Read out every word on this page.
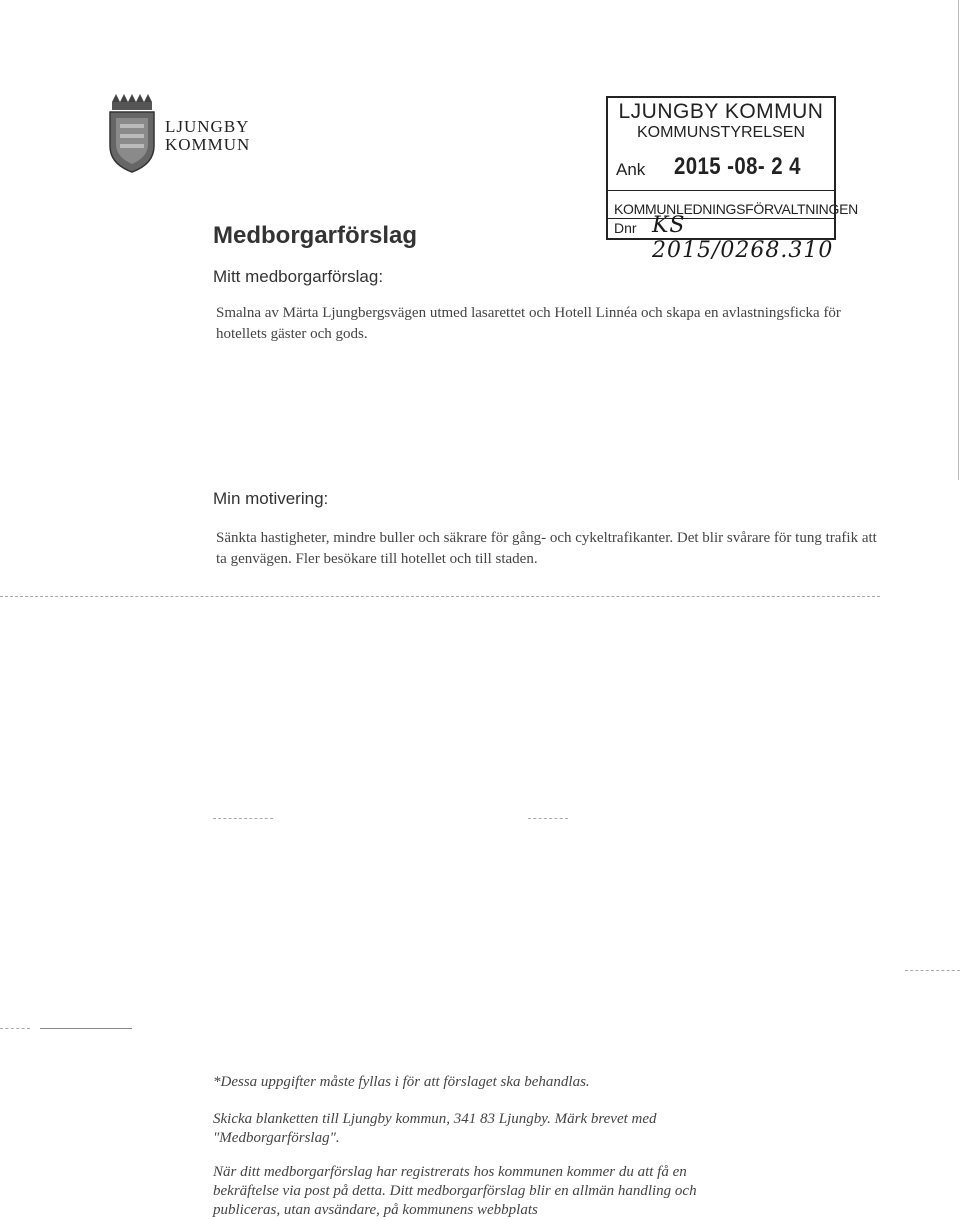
LJUNGBY
KOMMUN
LJUNGBY KOMMUN
KOMMUNSTYRELSEN
Ank 2015 -08- 2 4
KOMMUNLEDNINGSFÖRVALTNINGEN
Dnr KS 2015/0268.310
Medborgarförslag
Mitt medborgarförslag:
Smalna av Märta Ljungbergsvägen utmed lasarettet och Hotell Linnéa och skapa en avlastningsficka för hotellets gäster och gods.
Min motivering:
Sänkta hastigheter, mindre buller och säkrare för gång- och cykeltrafikanter. Det blir svårare för tung trafik att ta genvägen. Fler besökare till hotellet och till staden.
*Dessa uppgifter måste fyllas i för att förslaget ska behandlas.
Skicka blanketten till Ljungby kommun, 341 83 Ljungby. Märk brevet med "Medborgarförslag".
När ditt medborgarförslag har registrerats hos kommunen kommer du att få en bekräftelse via post på detta. Ditt medborgarförslag blir en allmän handling och publiceras, utan avsändare, på kommunens webbplats
